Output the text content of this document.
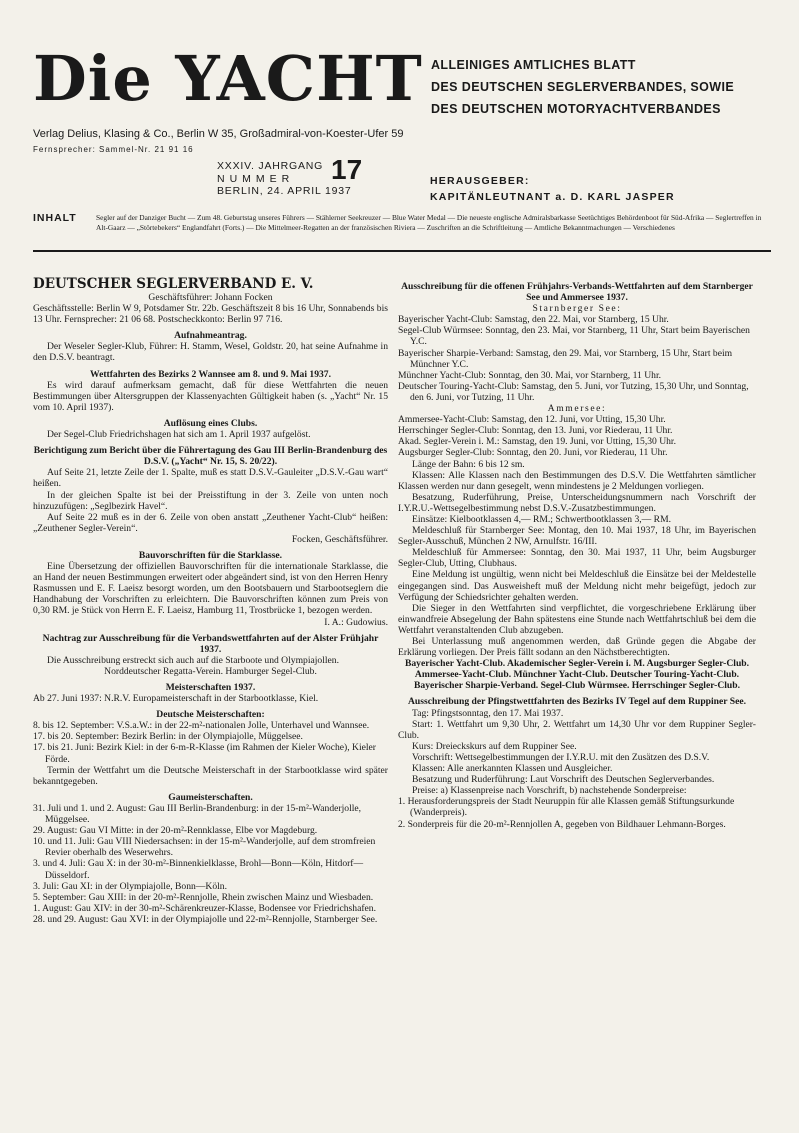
Die YACHT ALLEINIGES AMTLICHES BLATT
DES DEUTSCHEN SEGLERVERBANDES, SOWIE
DES DEUTSCHEN MOTORYACHTVERBANDES
Verlag Delius, Klasing & Co., Berlin W 35, Großadmiral-von-Koester-Ufer 59
Fernsprecher: Sammel-Nr. 21 91 16
XXXIV. JAHRGANG
NUMMER
BERLIN, 24. APRIL 1937
17	HERAUSGEBER:
KAPITÄNLEUTNANT a. D. KARL JASPER
INHALT	Segler auf der Danziger Bucht — Zum 48. Geburtstag unseres Führers — Stählerner Seekreuzer — Blue Water Medal — Die neueste englische Admiralsbarkasse Seetüchtiges Behördenboot für Süd-Afrika — Seglertreffen in Alt-Gaarz — „Störtebekers“ Englandfahrt (Forts.) — Die Mittelmeer-Regatten an der französischen Riviera — Zuschriften an die Schriftleitung — Amtliche Bekanntmachungen — Verschiedenes

DEUTSCHER SEGLERVERBAND E. V.

Geschäftsführer: Johann Focken

Geschäftsstelle: Berlin W 9, Potsdamer Str. 22b. Geschäftszeit 8 bis 16 Uhr, Sonnabends bis 13 Uhr. Fernsprecher: 21 06 68. Postscheckkonto: Berlin 97 716.

Aufnahmeantrag.

Der Weseler Segler-Klub, Führer: H. Stamm, Wesel, Goldstr. 20, hat seine Aufnahme in den D.S.V. beantragt.

Wettfahrten des Bezirks 2 Wannsee am 8. und 9. Mai 1937.

Es wird darauf aufmerksam gemacht, daß für diese Wettfahrten die neuen Bestimmungen über Altersgruppen der Klassenyachten Gültigkeit haben (s. „Yacht“ Nr. 15 vom 10. April 1937).

Auflösung eines Clubs.

Der Segel-Club Friedrichshagen hat sich am 1. April 1937 aufgelöst.

Berichtigung zum Bericht über die Führertagung des Gau III Berlin-Brandenburg des D.S.V. („Yacht“ Nr. 15, S. 20/22).

Auf Seite 21, letzte Zeile der 1. Spalte, muß es statt D.S.V.-Gauleiter „D.S.V.-Gau wart“ heißen.

In der gleichen Spalte ist bei der Preisstiftung in der 3. Zeile von unten noch hinzuzufügen: „Seglbezirk Havel“.

Auf Seite 22 muß es in der 6. Zeile von oben anstatt „Zeuthener Yacht-Club“ heißen: „Zeuthener Segler-Verein“.

Focken, Geschäftsführer.

Bauvorschriften für die Starklasse.

Eine Übersetzung der offiziellen Bauvorschriften für die internationale Starklasse, die an Hand der neuen Bestimmungen erweitert oder abgeändert sind, ist von den Herren Henry Rasmussen und E. F. Laeisz besorgt worden, um den Bootsbauern und Starbootseglern die Handhabung der Vorschriften zu erleichtern. Die Bauvorschriften können zum Preis von 0,30 RM. je Stück von Herrn E. F. Laeisz, Hamburg 11, Trostbrücke 1, bezogen werden.

I. A.: Gudowius.

Nachtrag zur Ausschreibung für die Verbandswettfahrten auf der Alster Frühjahr 1937.

Die Ausschreibung erstreckt sich auch auf die Starboote und Olympiajollen.

Norddeutscher Regatta-Verein. Hamburger Segel-Club.

Meisterschaften 1937.

Ab 27. Juni 1937: N.R.V. Europameisterschaft in der Starbootklasse, Kiel.

Deutsche Meisterschaften:

8. bis 12. September: V.S.a.W.: in der 22-m²-nationalen Jolle, Unterhavel und Wannsee.

17. bis 20. September: Bezirk Berlin: in der Olympiajolle, Müggelsee.

17. bis 21. Juni: Bezirk Kiel: in der 6-m-R-Klasse (im Rahmen der Kieler Woche), Kieler Förde.

Termin der Wettfahrt um die Deutsche Meisterschaft in der Starbootklasse wird später bekanntgegeben.

Gaumeisterschaften.

31. Juli und 1. und 2. August: Gau III Berlin-Brandenburg: in der 15-m²-Wanderjolle, Müggelsee.

29. August: Gau VI Mitte: in der 20-m²-Rennklasse, Elbe vor Magdeburg.

10. und 11. Juli: Gau VIII Niedersachsen: in der 15-m²-Wanderjolle, auf dem stromfreien Revier oberhalb des Weserwehrs.

3. und 4. Juli: Gau X: in der 30-m²-Binnenkielklasse, Brohl—Bonn—Köln, Hitdorf—Düsseldorf.

3. Juli: Gau XI: in der Olympiajolle, Bonn—Köln.

5. September: Gau XIII: in der 20-m²-Rennjolle, Rhein zwischen Mainz und Wiesbaden.

1. August: Gau XIV: in der 30-m²-Schärenkreuzer-Klasse, Bodensee vor Friedrichshafen.

28. und 29. August: Gau XVI: in der Olympiajolle und 22-m²-Rennjolle, Starnberger See.

Ausschreibung für die offenen Frühjahrs-Verbands-Wettfahrten auf dem Starnberger See und Ammersee 1937.

Starnberger See:

Bayerischer Yacht-Club: Samstag, den 22. Mai, vor Starnberg, 15 Uhr.

Segel-Club Würmsee: Sonntag, den 23. Mai, vor Starnberg, 11 Uhr, Start beim Bayerischen Y.C.

Bayerischer Sharpie-Verband: Samstag, den 29. Mai, vor Starnberg, 15 Uhr, Start beim Münchner Y.C.

Münchner Yacht-Club: Sonntag, den 30. Mai, vor Starnberg, 11 Uhr.

Deutscher Touring-Yacht-Club: Samstag, den 5. Juni, vor Tutzing, 15,30 Uhr, und Sonntag, den 6. Juni, vor Tutzing, 11 Uhr.

Ammersee:

Ammersee-Yacht-Club: Samstag, den 12. Juni, vor Utting, 15,30 Uhr.

Herrschinger Segler-Club: Sonntag, den 13. Juni, vor Riederau, 11 Uhr.

Akad. Segler-Verein i. M.: Samstag, den 19. Juni, vor Utting, 15,30 Uhr.

Augsburger Segler-Club: Sonntag, den 20. Juni, vor Riederau, 11 Uhr.

Länge der Bahn: 6 bis 12 sm.

Klassen: Alle Klassen nach den Bestimmungen des D.S.V. Die Wettfahrten sämtlicher Klassen werden nur dann gesegelt, wenn mindestens je 2 Meldungen vorliegen.

Besatzung, Ruderführung, Preise, Unterscheidungsnummern nach Vorschrift der I.Y.R.U.-Wettsegelbestimmung nebst D.S.V.-Zusatzbestimmungen.

Einsätze: Kielbootklassen 4,— RM.; Schwertbootklassen 3,— RM.

Meldeschluß für Starnberger See: Montag, den 10. Mai 1937, 18 Uhr, im Bayerischen Segler-Ausschuß, München 2 NW, Arnulfstr. 16/III.

Meldeschluß für Ammersee: Sonntag, den 30. Mai 1937, 11 Uhr, beim Augsburger Segler-Club, Utting, Clubhaus.

Eine Meldung ist ungültig, wenn nicht bei Meldeschluß die Einsätze bei der Meldestelle eingegangen sind. Das Ausweisheft muß der Meldung nicht mehr beigefügt, jedoch zur Verfügung der Schiedsrichter gehalten werden.

Die Sieger in den Wettfahrten sind verpflichtet, die vorgeschriebene Erklärung über einwandfreie Absegelung der Bahn spätestens eine Stunde nach Wettfahrtschluß bei dem die Wettfahrt veranstaltenden Club abzugeben.

Bei Unterlassung muß angenommen werden, daß Gründe gegen die Abgabe der Erklärung vorliegen. Der Preis fällt sodann an den Nächstberechtigten.

Bayerischer Yacht-Club. Akademischer Segler-Verein i. M. Augsburger Segler-Club. Ammersee-Yacht-Club. Münchner Yacht-Club. Deutscher Touring-Yacht-Club. Bayerischer Sharpie-Verband. Segel-Club Würmsee. Herrschinger Segler-Club.

Ausschreibung der Pfingstwettfahrten des Bezirks IV Tegel auf dem Ruppiner See.

Tag: Pfingstsonntag, den 17. Mai 1937.

Start: 1. Wettfahrt um 9,30 Uhr, 2. Wettfahrt um 14,30 Uhr vor dem Ruppiner Segler-Club.

Kurs: Dreieckskurs auf dem Ruppiner See.

Vorschrift: Wettsegelbestimmungen der I.Y.R.U. mit den Zusätzen des D.S.V.

Klassen: Alle anerkannten Klassen und Ausgleicher.

Besatzung und Ruderführung: Laut Vorschrift des Deutschen Seglerverbandes.

Preise: a) Klassenpreise nach Vorschrift, b) nachstehende Sonderpreise:

1. Herausforderungspreis der Stadt Neuruppin für alle Klassen gemäß Stiftungsurkunde (Wanderpreis).

2. Sonderpreis für die 20-m²-Rennjollen A, gegeben von Bildhauer Lehmann-Borges.
